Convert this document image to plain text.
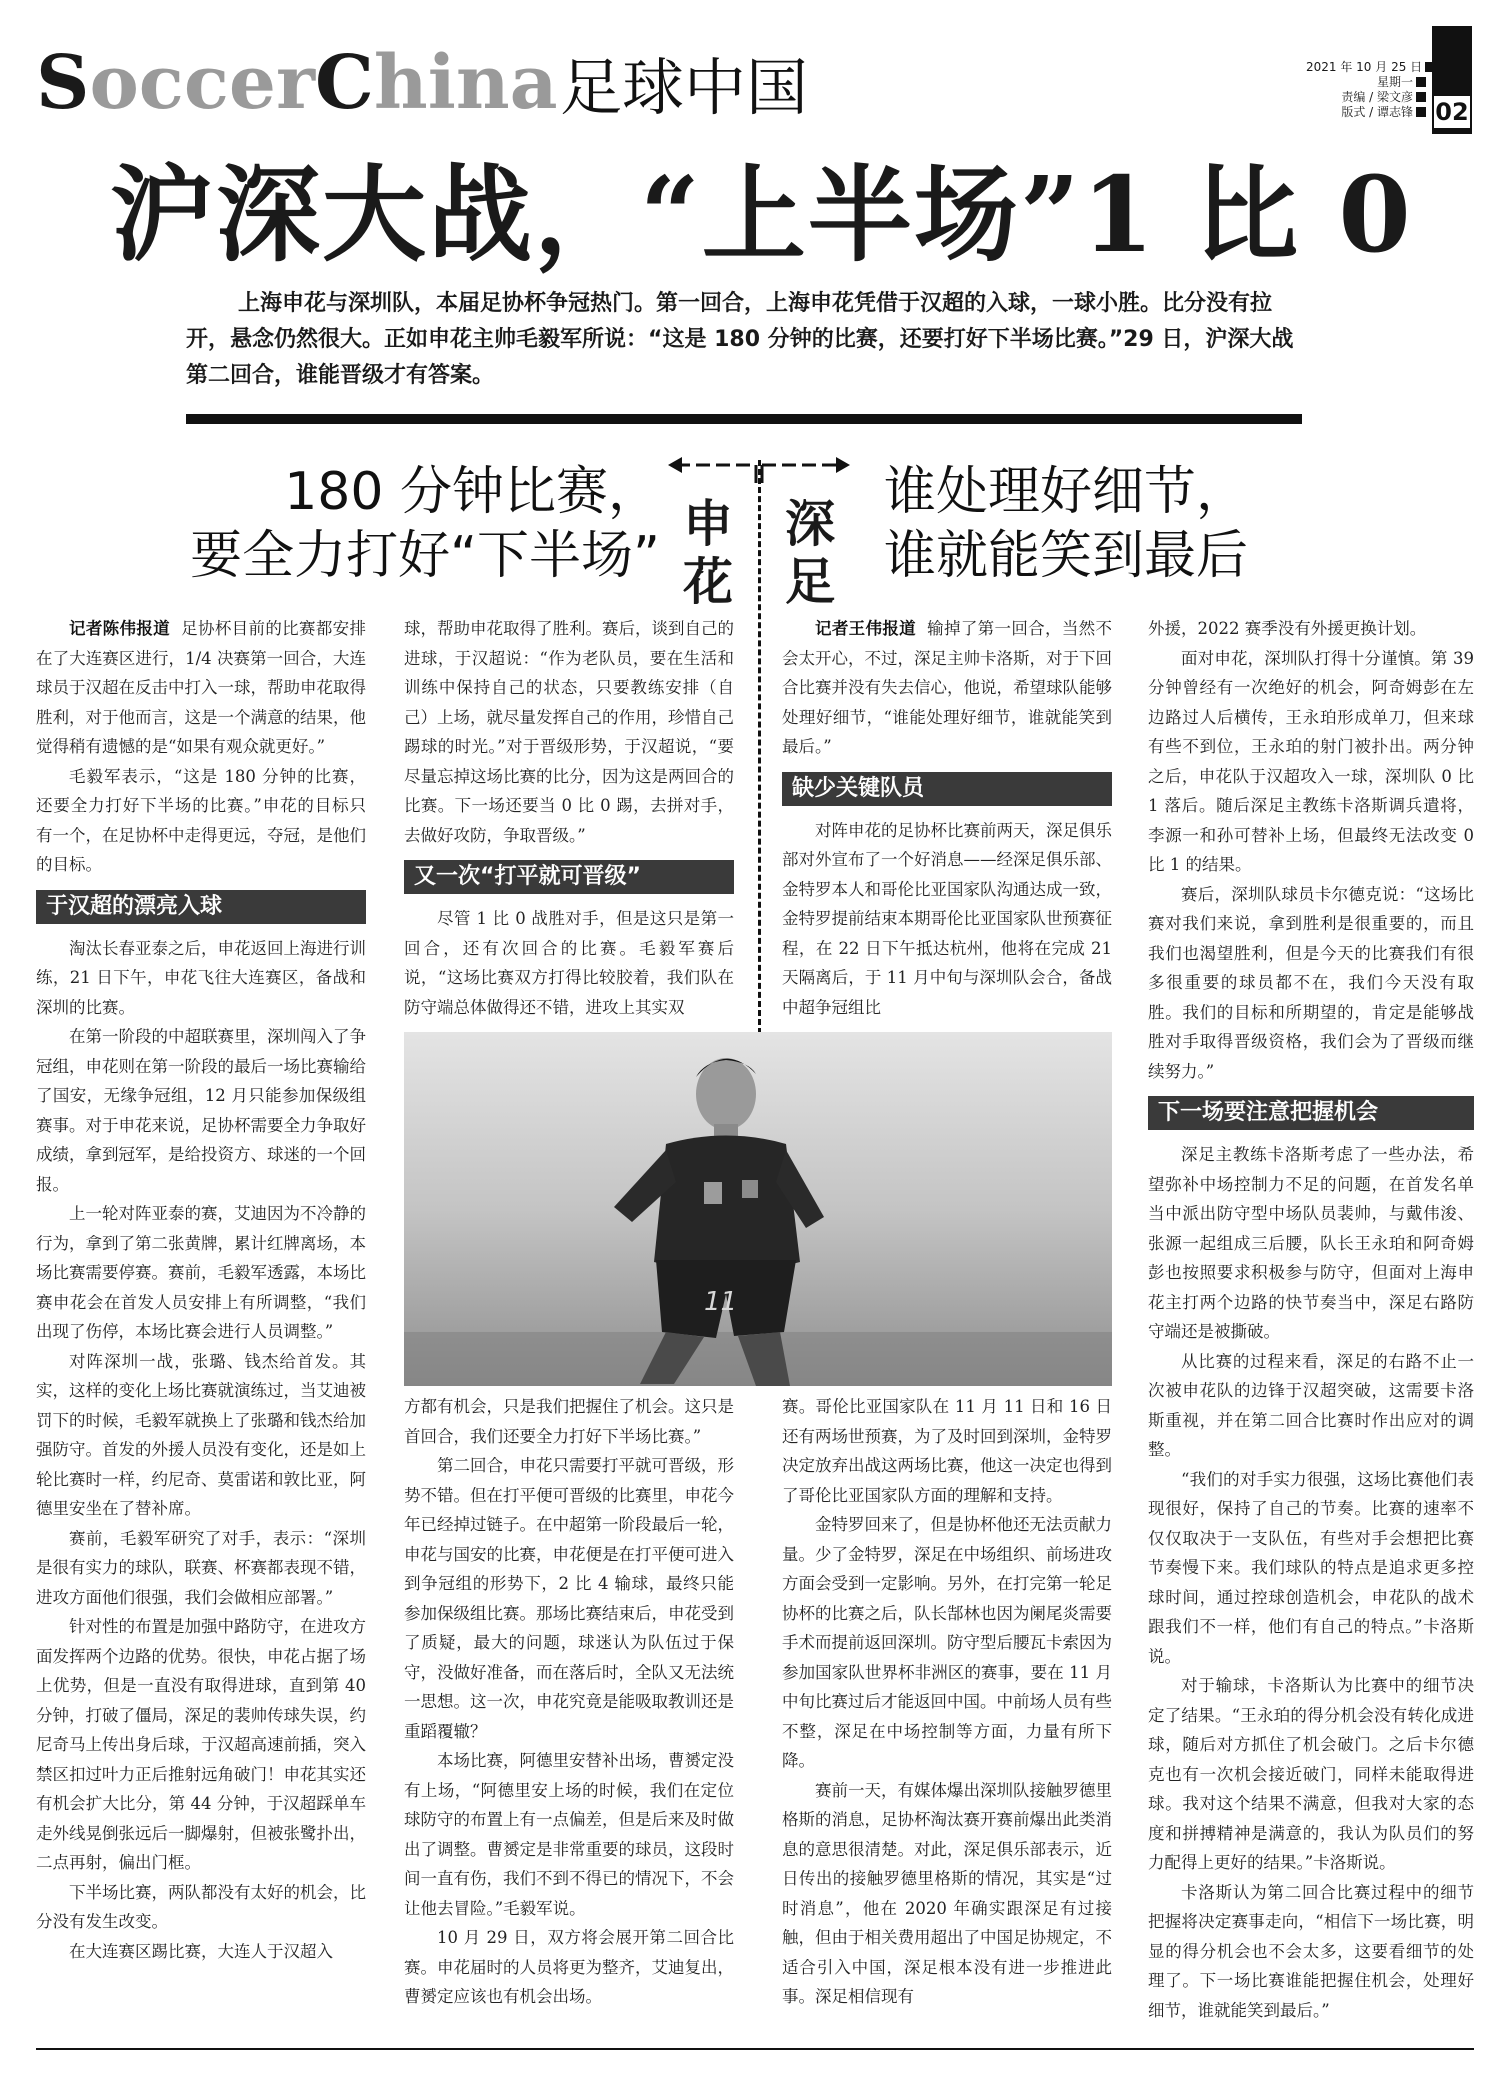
SoccerChina 足球中国	2021 年 10 月 25 日
星期一
责编 / 梁文彦
版式 / 谭志锋 02
沪深大战，“上半场”1 比 0
上海申花与深圳队，本届足协杯争冠热门。第一回合，上海申花凭借于汉超的入球，一球小胜。比分没有拉开，悬念仍然很大。正如申花主帅毛毅军所说：“这是 180 分钟的比赛，还要打好下半场比赛。”29 日，沪深大战第二回合，谁能晋级才有答案。
180 分钟比赛，
要全力打好“下半场”
谁处理好细节，
谁就能笑到最后
申
花
深
足

记者陈伟报道 足协杯目前的比赛都安排在了大连赛区进行，1/4 决赛第一回合，大连球员于汉超在反击中打入一球，帮助申花取得胜利，对于他而言，这是一个满意的结果，他觉得稍有遗憾的是“如果有观众就更好。”

毛毅军表示，“这是 180 分钟的比赛，还要全力打好下半场的比赛。”申花的目标只有一个，在足协杯中走得更远，夺冠，是他们的目标。

于汉超的漂亮入球

淘汰长春亚泰之后，申花返回上海进行训练，21 日下午，申花飞往大连赛区，备战和深圳的比赛。

在第一阶段的中超联赛里，深圳闯入了争冠组，申花则在第一阶段的最后一场比赛输给了国安，无缘争冠组，12 月只能参加保级组赛事。对于申花来说，足协杯需要全力争取好成绩，拿到冠军，是给投资方、球迷的一个回报。

上一轮对阵亚泰的赛，艾迪因为不冷静的行为，拿到了第二张黄牌，累计红牌离场，本场比赛需要停赛。赛前，毛毅军透露，本场比赛申花会在首发人员安排上有所调整，“我们出现了伤停，本场比赛会进行人员调整。”

对阵深圳一战，张璐、钱杰给首发。其实，这样的变化上场比赛就演练过，当艾迪被罚下的时候，毛毅军就换上了张璐和钱杰给加强防守。首发的外援人员没有变化，还是如上轮比赛时一样，约尼奇、莫雷诺和敦比亚，阿德里安坐在了替补席。

赛前，毛毅军研究了对手，表示：“深圳是很有实力的球队，联赛、杯赛都表现不错，进攻方面他们很强，我们会做相应部署。”

针对性的布置是加强中路防守，在进攻方面发挥两个边路的优势。很快，申花占据了场上优势，但是一直没有取得进球，直到第 40 分钟，打破了僵局，深足的裴帅传球失误，约尼奇马上传出身后球，于汉超高速前插，突入禁区扣过叶力正后推射远角破门！申花其实还有机会扩大比分，第 44 分钟，于汉超踩单车走外线晃倒张远后一脚爆射，但被张鹭扑出，二点再射，偏出门框。

下半场比赛，两队都没有太好的机会，比分没有发生改变。

在大连赛区踢比赛，大连人于汉超入

球，帮助申花取得了胜利。赛后，谈到自己的进球，于汉超说：“作为老队员，要在生活和训练中保持自己的状态，只要教练安排（自己）上场，就尽量发挥自己的作用，珍惜自己踢球的时光。”对于晋级形势，于汉超说，“要尽量忘掉这场比赛的比分，因为这是两回合的比赛。下一场还要当 0 比 0 踢，去拼对手，去做好攻防，争取晋级。”

又一次“打平就可晋级”

尽管 1 比 0 战胜对手，但是这只是第一回合，还有次回合的比赛。毛毅军赛后说，“这场比赛双方打得比较胶着，我们队在防守端总体做得还不错，进攻上其实双

记者王伟报道 输掉了第一回合，当然不会太开心，不过，深足主帅卡洛斯，对于下回合比赛并没有失去信心，他说，希望球队能够处理好细节，“谁能处理好细节，谁就能笑到最后。”

缺少关键队员

对阵申花的足协杯比赛前两天，深足俱乐部对外宣布了一个好消息——经深足俱乐部、金特罗本人和哥伦比亚国家队沟通达成一致，金特罗提前结束本期哥伦比亚国家队世预赛征程，在 22 日下午抵达杭州，他将在完成 21 天隔离后，于 11 月中旬与深圳队会合，备战中超争冠组比

11

方都有机会，只是我们把握住了机会。这只是首回合，我们还要全力打好下半场比赛。”

第二回合，申花只需要打平就可晋级，形势不错。但在打平便可晋级的比赛里，申花今年已经掉过链子。在中超第一阶段最后一轮，申花与国安的比赛，申花便是在打平便可进入到争冠组的形势下，2 比 4 输球，最终只能参加保级组比赛。那场比赛结束后，申花受到了质疑，最大的问题，球迷认为队伍过于保守，没做好准备，而在落后时，全队又无法统一思想。这一次，申花究竟是能吸取教训还是重蹈覆辙？

本场比赛，阿德里安替补出场，曹赟定没有上场，“阿德里安上场的时候，我们在定位球防守的布置上有一点偏差，但是后来及时做出了调整。曹赟定是非常重要的球员，这段时间一直有伤，我们不到不得已的情况下，不会让他去冒险。”毛毅军说。

10 月 29 日，双方将会展开第二回合比赛。申花届时的人员将更为整齐，艾迪复出，曹赟定应该也有机会出场。

赛。哥伦比亚国家队在 11 月 11 日和 16 日还有两场世预赛，为了及时回到深圳，金特罗决定放弃出战这两场比赛，他这一决定也得到了哥伦比亚国家队方面的理解和支持。

金特罗回来了，但是协杯他还无法贡献力量。少了金特罗，深足在中场组织、前场进攻方面会受到一定影响。另外，在打完第一轮足协杯的比赛之后，队长郜林也因为阑尾炎需要手术而提前返回深圳。防守型后腰瓦卡索因为参加国家队世界杯非洲区的赛事，要在 11 月中旬比赛过后才能返回中国。中前场人员有些不整，深足在中场控制等方面，力量有所下降。

赛前一天，有媒体爆出深圳队接触罗德里格斯的消息，足协杯淘汰赛开赛前爆出此类消息的意思很清楚。对此，深足俱乐部表示，近日传出的接触罗德里格斯的情况，其实是“过时消息”，他在 2020 年确实跟深足有过接触，但由于相关费用超出了中国足协规定，不适合引入中国，深足根本没有进一步推进此事。深足相信现有

外援，2022 赛季没有外援更换计划。

面对申花，深圳队打得十分谨慎。第 39 分钟曾经有一次绝好的机会，阿奇姆彭在左边路过人后横传，王永珀形成单刀，但来球有些不到位，王永珀的射门被扑出。两分钟之后，申花队于汉超攻入一球，深圳队 0 比 1 落后。随后深足主教练卡洛斯调兵遣将，李源一和孙可替补上场，但最终无法改变 0 比 1 的结果。

赛后，深圳队球员卡尔德克说：“这场比赛对我们来说，拿到胜利是很重要的，而且我们也渴望胜利，但是今天的比赛我们有很多很重要的球员都不在，我们今天没有取胜。我们的目标和所期望的，肯定是能够战胜对手取得晋级资格，我们会为了晋级而继续努力。”

下一场要注意把握机会

深足主教练卡洛斯考虑了一些办法，希望弥补中场控制力不足的问题，在首发名单当中派出防守型中场队员裴帅，与戴伟浚、张源一起组成三后腰，队长王永珀和阿奇姆彭也按照要求积极参与防守，但面对上海申花主打两个边路的快节奏当中，深足右路防守端还是被撕破。

从比赛的过程来看，深足的右路不止一次被申花队的边锋于汉超突破，这需要卡洛斯重视，并在第二回合比赛时作出应对的调整。

“我们的对手实力很强，这场比赛他们表现很好，保持了自己的节奏。比赛的速率不仅仅取决于一支队伍，有些对手会想把比赛节奏慢下来。我们球队的特点是追求更多控球时间，通过控球创造机会，申花队的战术跟我们不一样，他们有自己的特点。”卡洛斯说。

对于输球，卡洛斯认为比赛中的细节决定了结果。“王永珀的得分机会没有转化成进球，随后对方抓住了机会破门。之后卡尔德克也有一次机会接近破门，同样未能取得进球。我对这个结果不满意，但我对大家的态度和拼搏精神是满意的，我认为队员们的努力配得上更好的结果。”卡洛斯说。

卡洛斯认为第二回合比赛过程中的细节把握将决定赛事走向，“相信下一场比赛，明显的得分机会也不会太多，这要看细节的处理了。下一场比赛谁能把握住机会，处理好细节，谁就能笑到最后。”
